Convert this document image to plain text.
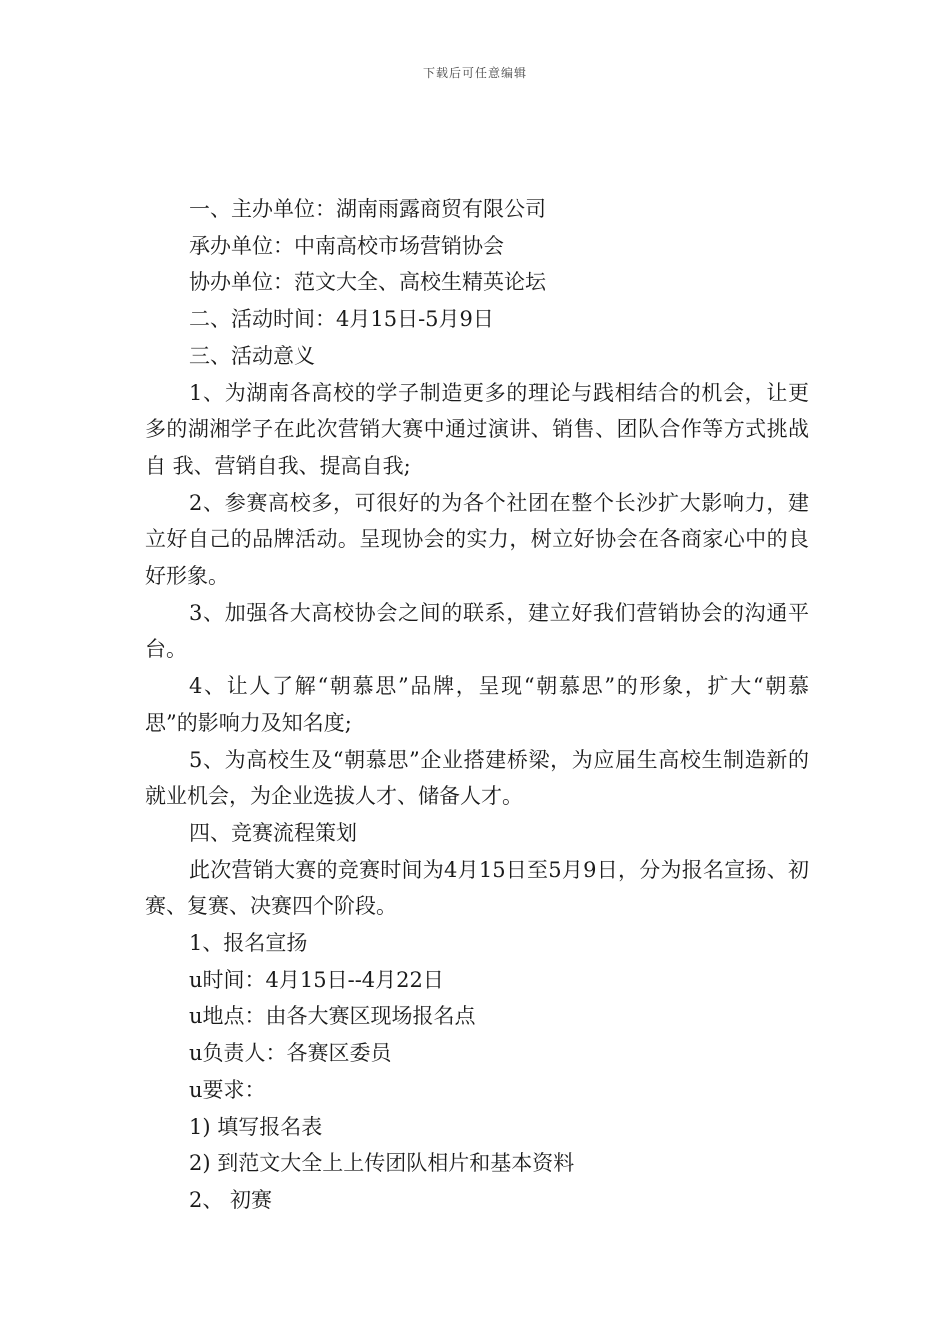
下载后可任意编辑

一、主办单位：湖南雨露商贸有限公司

承办单位：中南高校市场营销协会

协办单位：范文大全、高校生精英论坛

二、活动时间：4月15日-5月9日

三、活动意义

1、为湖南各高校的学子制造更多的理论与践相结合的机会，让更多的湖湘学子在此次营销大赛中通过演讲、销售、团队合作等方式挑战自 我、营销自我、提高自我;

2、参赛高校多，可很好的为各个社团在整个长沙扩大影响力，建立好自己的品牌活动。呈现协会的实力，树立好协会在各商家心中的良好形象。

3、加强各大高校协会之间的联系，建立好我们营销协会的沟通平台。

4、让人了解“朝慕思”品牌，呈现“朝慕思”的形象，扩大“朝慕思”的影响力及知名度;

5、为高校生及“朝慕思”企业搭建桥梁，为应届生高校生制造新的就业机会，为企业选拔人才、储备人才。

四、竞赛流程策划

此次营销大赛的竞赛时间为4月15日至5月9日，分为报名宣扬、初赛、复赛、决赛四个阶段。

1、报名宣扬

u时间：4月15日--4月22日

u地点：由各大赛区现场报名点

u负责人：各赛区委员

u要求：

1) 填写报名表

2) 到范文大全上上传团队相片和基本资料

2、 初赛
